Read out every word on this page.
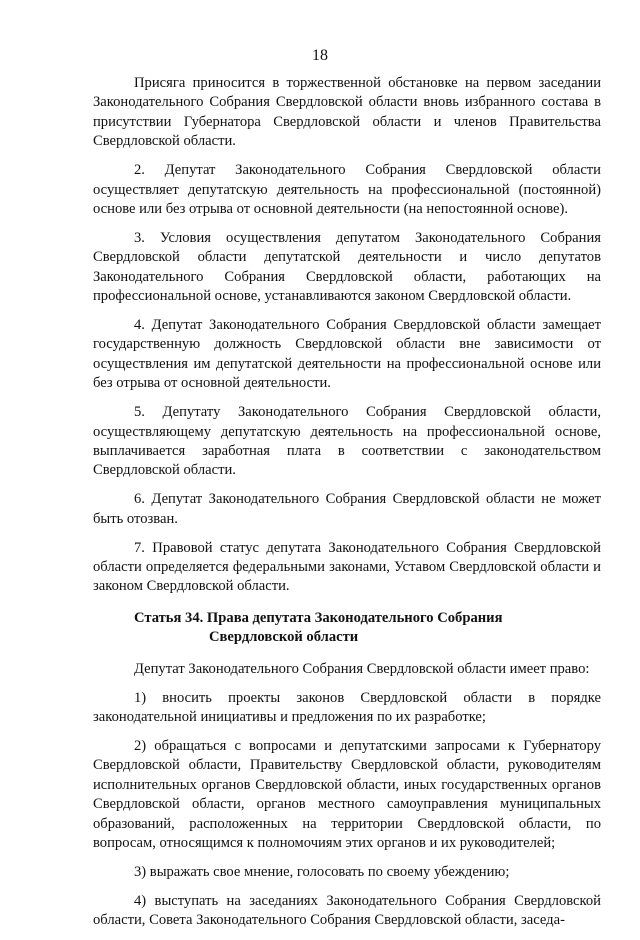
18

Присяга приносится в торжественной обстановке на первом заседании Законодательного Собрания Свердловской области вновь избранного состава в присутствии Губернатора Свердловской области и членов Правительства Свердловской области.

2. Депутат Законодательного Собрания Свердловской области осуществляет депутатскую деятельность на профессиональной (постоянной) основе или без отрыва от основной деятельности (на непостоянной основе).

3. Условия осуществления депутатом Законодательного Собрания Свердловской области депутатской деятельности и число депутатов Законодательного Собрания Свердловской области, работающих на профессиональной основе, устанавливаются законом Свердловской области.

4. Депутат Законодательного Собрания Свердловской области замещает государственную должность Свердловской области вне зависимости от осуществления им депутатской деятельности на профессиональной основе или без отрыва от основной деятельности.

5. Депутату Законодательного Собрания Свердловской области, осуществляющему депутатскую деятельность на профессиональной основе, выплачивается заработная плата в соответствии с законодательством Свердловской области.

6. Депутат Законодательного Собрания Свердловской области не может быть отозван.

7. Правовой статус депутата Законодательного Собрания Свердловской области определяется федеральными законами, Уставом Свердловской области и законом Свердловской области.

Статья 34. Права депутата Законодательного Собрания
Свердловской области

Депутат Законодательного Собрания Свердловской области имеет право:

1) вносить проекты законов Свердловской области в порядке законодательной инициативы и предложения по их разработке;

2) обращаться с вопросами и депутатскими запросами к Губернатору Свердловской области, Правительству Свердловской области, руководителям исполнительных органов Свердловской области, иных государственных органов Свердловской области, органов местного самоуправления муниципальных образований, расположенных на территории Свердловской области, по вопросам, относящимся к полномочиям этих органов и их руководителей;

3) выражать свое мнение, голосовать по своему убеждению;

4) выступать на заседаниях Законодательного Собрания Свердловской области, Совета Законодательного Собрания Свердловской области, заседа-
